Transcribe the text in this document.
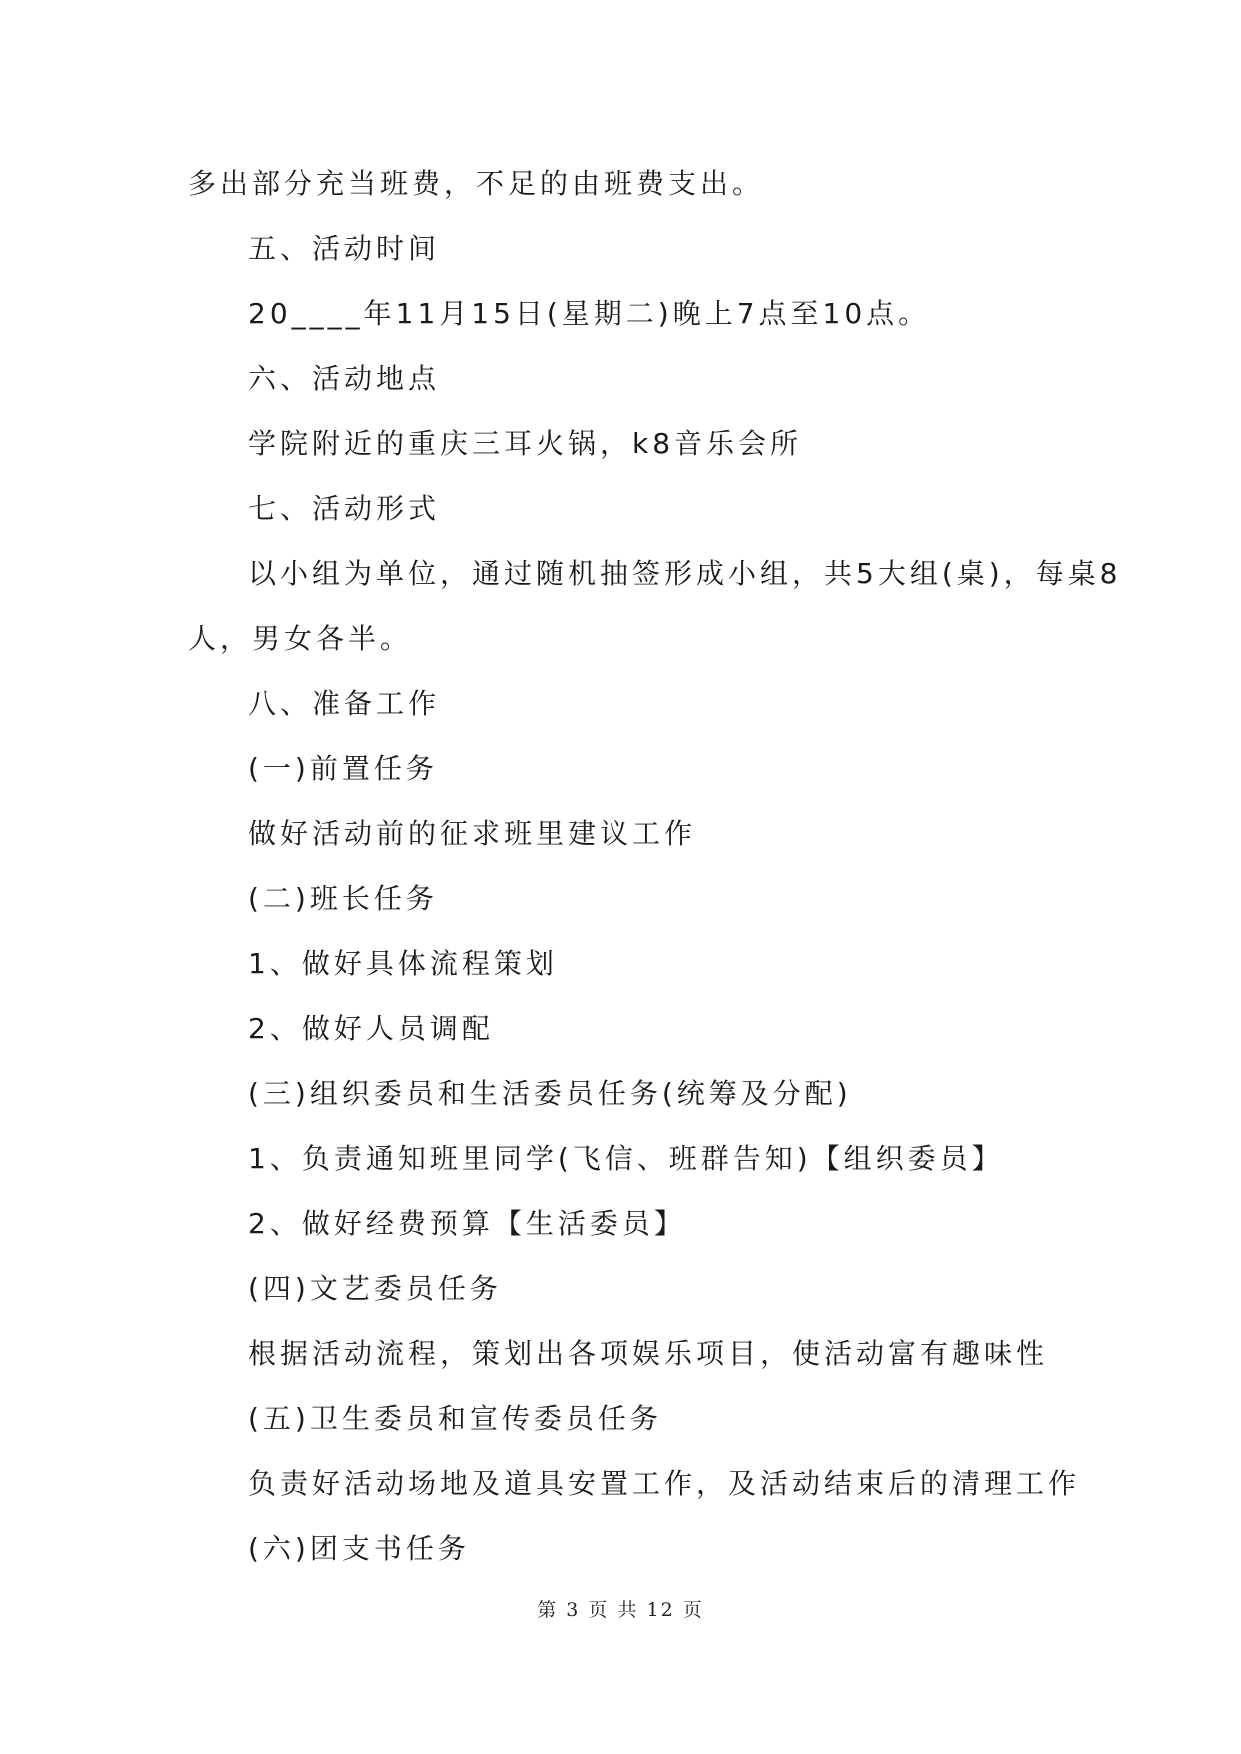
多出部分充当班费，不足的由班费支出。
五、活动时间
20____年11月15日(星期二)晚上7点至10点。
六、活动地点
学院附近的重庆三耳火锅，k8音乐会所
七、活动形式
以小组为单位，通过随机抽签形成小组，共5大组(桌)，每桌8
人，男女各半。
八、准备工作
(一)前置任务
做好活动前的征求班里建议工作
(二)班长任务
1、做好具体流程策划
2、做好人员调配
(三)组织委员和生活委员任务(统筹及分配)
1、负责通知班里同学(飞信、班群告知)【组织委员】
2、做好经费预算【生活委员】
(四)文艺委员任务
根据活动流程，策划出各项娱乐项目，使活动富有趣味性
(五)卫生委员和宣传委员任务
负责好活动场地及道具安置工作，及活动结束后的清理工作
(六)团支书任务
第 3 页 共 12 页
